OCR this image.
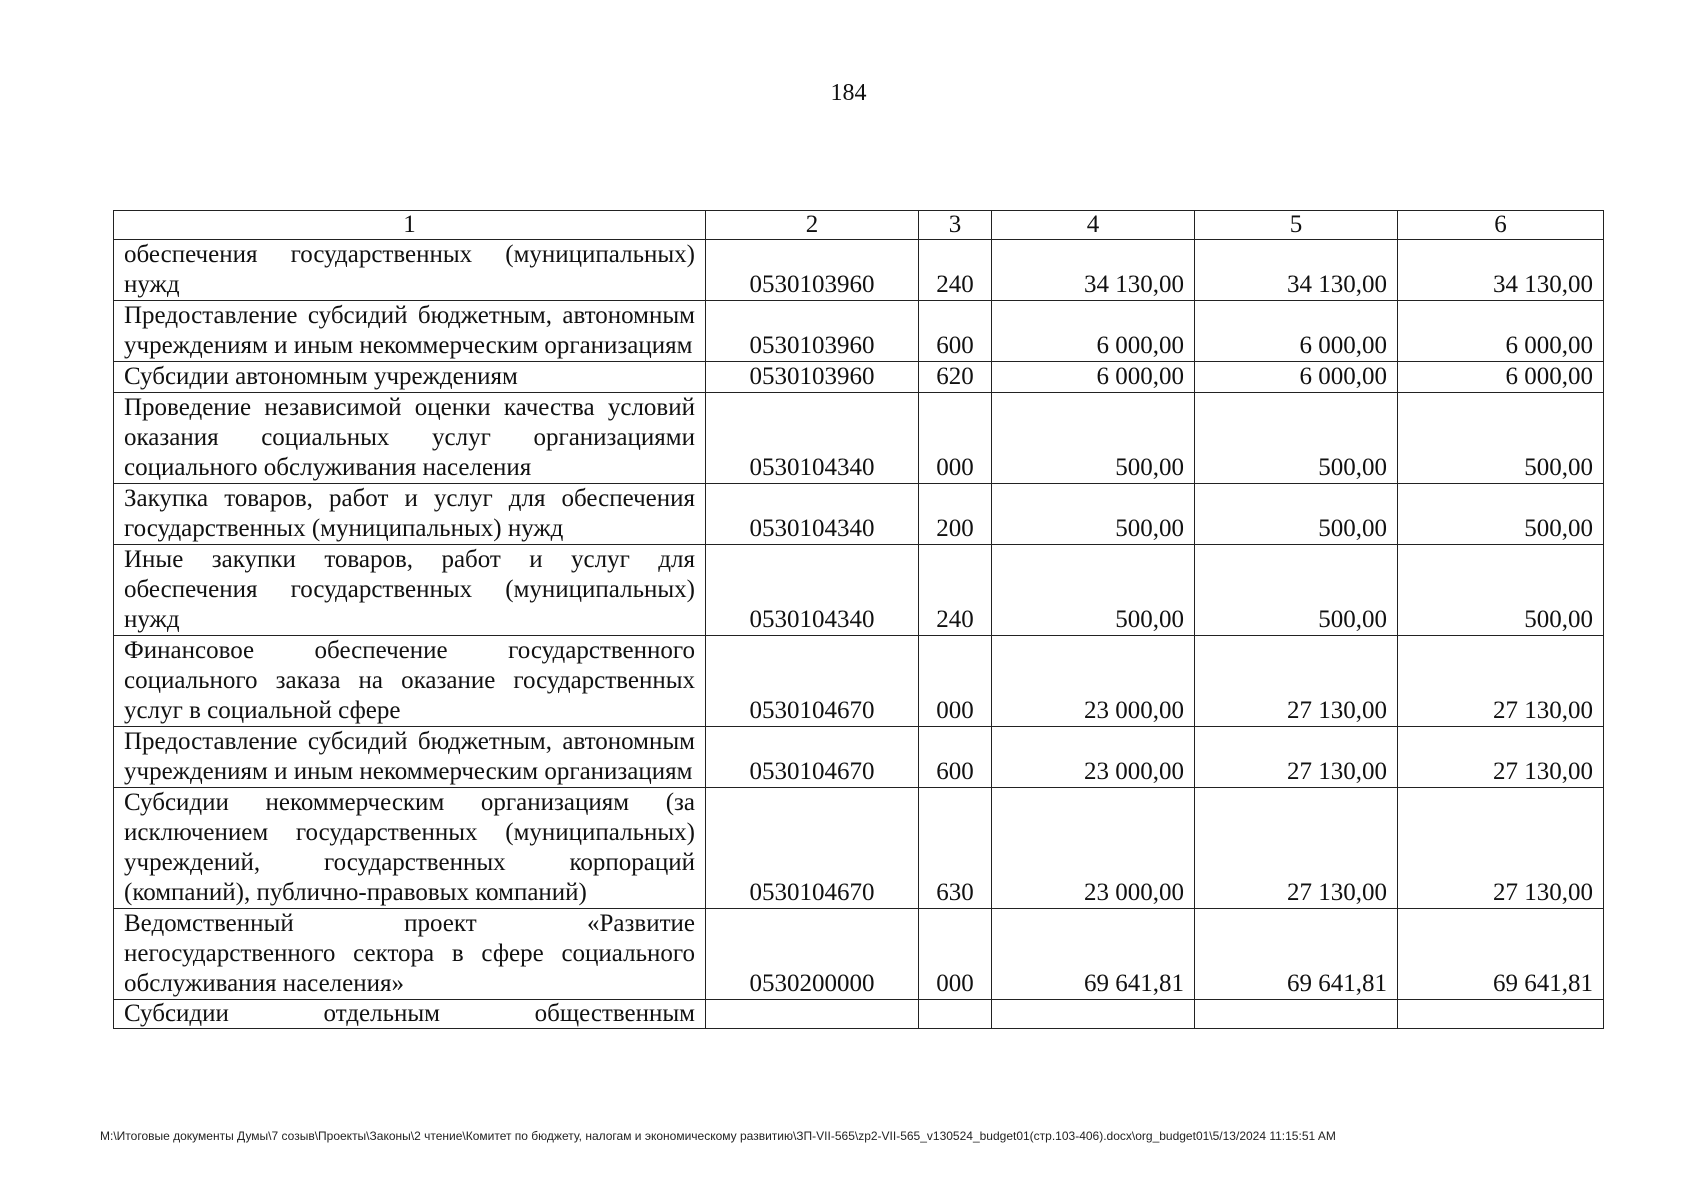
184
1	2	3	4	5	6
обеспечения государственных (муниципальных) нужд	0530103960	240	34 130,00	34 130,00	34 130,00
Предоставление субсидий бюджетным, автономным учреждениям и иным некоммерческим организациям	0530103960	600	6 000,00	6 000,00	6 000,00
Субсидии автономным учреждениям	0530103960	620	6 000,00	6 000,00	6 000,00
Проведение независимой оценки качества условий оказания социальных услуг организациями социального обслуживания населения	0530104340	000	500,00	500,00	500,00
Закупка товаров, работ и услуг для обеспечения государственных (муниципальных) нужд	0530104340	200	500,00	500,00	500,00
Иные закупки товаров, работ и услуг для обеспечения государственных (муниципальных) нужд	0530104340	240	500,00	500,00	500,00
Финансовое обеспечение государственного социального заказа на оказание государственных услуг в социальной сфере	0530104670	000	23 000,00	27 130,00	27 130,00
Предоставление субсидий бюджетным, автономным учреждениям и иным некоммерческим организациям	0530104670	600	23 000,00	27 130,00	27 130,00
Субсидии некоммерческим организациям (за исключением государственных (муниципальных) учреждений, государственных корпораций (компаний), публично-правовых компаний)	0530104670	630	23 000,00	27 130,00	27 130,00
Ведомственный проект «Развитие негосударственного сектора в сфере социального обслуживания населения»	0530200000	000	69 641,81	69 641,81	69 641,81
Субсидии отдельным общественным					
M:\Итоговые документы Думы\7 созыв\Проекты\Законы\2 чтение\Комитет по бюджету, налогам и экономическому развитию\ЗП-VII-565\zp2-VII-565_v130524_budget01(стр.103-406).docx\org_budget01\5/13/2024 11:15:51 AM
